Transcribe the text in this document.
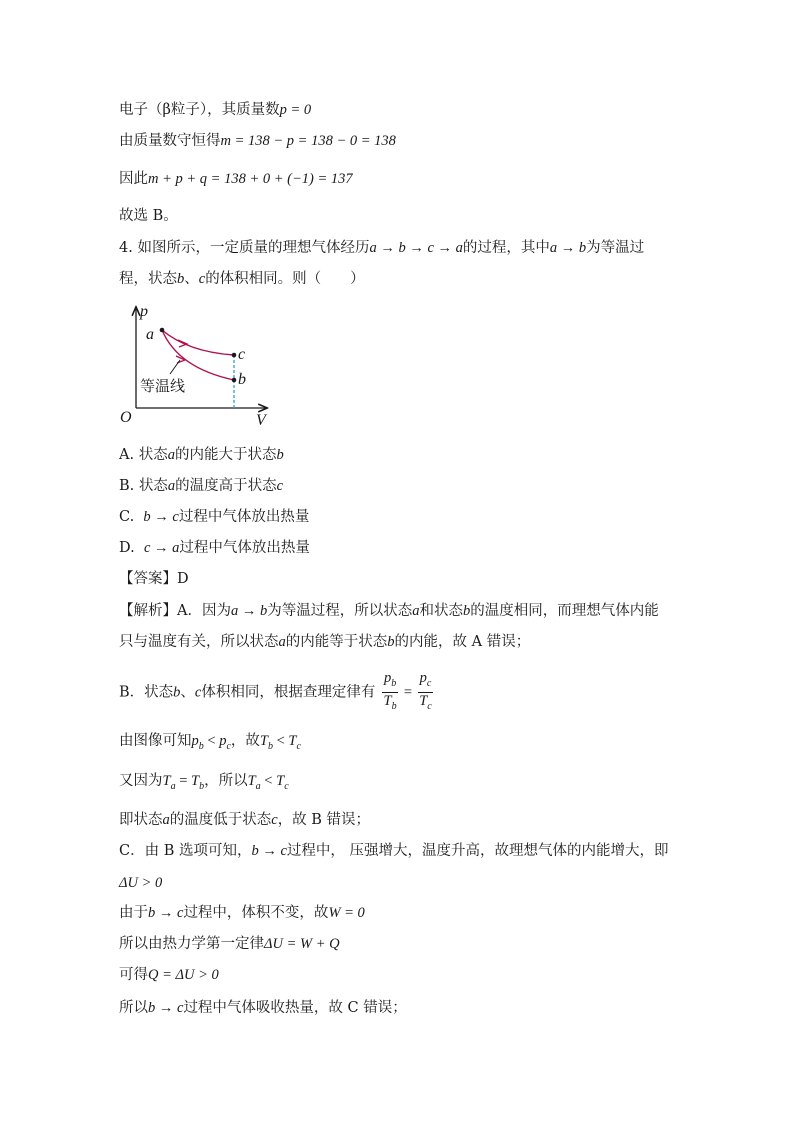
电子（β粒子），其质量数p = 0
由质量数守恒得m = 138 − p = 138 − 0 = 138
因此m + p + q = 138 + 0 + (−1) = 137
故选 B。
4. 如图所示，一定质量的理想气体经历a → b → c → a的过程，其中a → b为等温过
程，状态b、c的体积相同。则（　　）
p
V
O
a
c
b
等温线
A. 状态a的内能大于状态b
B. 状态a的温度高于状态c
C.  b → c过程中气体放出热量
D.  c → a过程中气体放出热量
【答案】D
【解析】A．因为a → b为等温过程，所以状态a和状态b的温度相同，而理想气体内能
只与温度有关，所以状态a的内能等于状态b的内能，故 A 错误；
B．状态b、c体积相同，根据查理定律有 $\frac{p_b}{T_b} = \frac{p_c}{T_c}$
由图像可知$p_b < p_c$，故$T_b < T_c$
又因为$T_a = T_b$，所以$T_a < T_c$
即状态a的温度低于状态c，故 B 错误；
C．由 B 选项可知，b → c过程中， 压强增大，温度升高，故理想气体的内能增大，即
ΔU > 0
由于b → c过程中，体积不变，故W = 0
所以由热力学第一定律ΔU = W + Q
可得Q = ΔU > 0
所以b → c过程中气体吸收热量，故 C 错误；
